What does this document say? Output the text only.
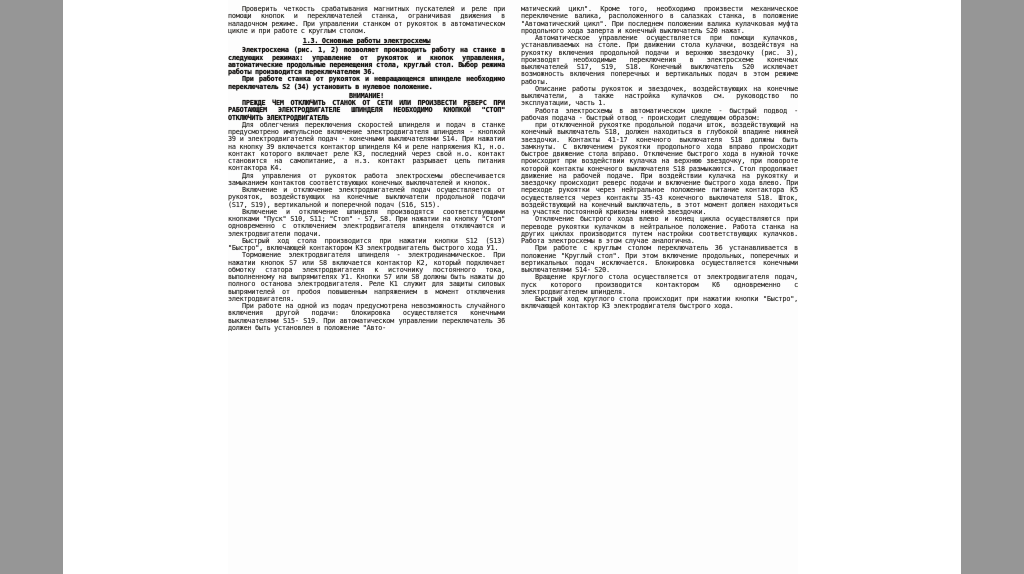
Проверить четкость срабатывания магнитных пускателей и реле при помощи кнопок и переключателей станка, ограничивая движения в наладочном режиме. При управлении станком от рукояток в автоматическом цикле и при работе с круглым столом.

1.3. Основные работы электросхемы

Электросхема (рис. 1, 2) позволяет производить работу на станке в следующих режимах: управление от рукояток и кнопок управления, автоматические продольные перемещения стола, круглый стол. Выбор режима работы производится переключателем 36.

При работе станка от рукояток и невращающемся шпинделе необходимо переключатель S2 (34) установить в нулевое положение.

ВНИМАНИЕ!

ПРЕЖДЕ ЧЕМ ОТКЛЮЧИТЬ СТАНОК ОТ СЕТИ ИЛИ ПРОИЗВЕСТИ РЕВЕРС ПРИ РАБОТАЮЩЕМ ЭЛЕКТРОДВИГАТЕЛЕ ШПИНДЕЛЯ НЕОБХОДИМО КНОПКОЙ "СТОП" ОТКЛЮЧИТЬ ЭЛЕКТРОДВИГАТЕЛЬ

Для облегчения переключения скоростей шпинделя и подач в станке предусмотрено импульсное включение электродвигателя шпинделя - кнопкой 39 и электродвигателей подач - конечными выключателями S14. При нажатии на кнопку 39 включается контактор шпинделя К4 и реле напряжения К1, н.о. контакт которого включает реле К3, последний через свой н.о. контакт становится на самопитание, а н.з. контакт разрывает цепь питания контактора К4.

Для управления от рукояток работа электросхемы обеспечивается замыканием контактов соответствующих конечных выключателей и кнопок.

Включение и отключение электродвигателей подач осуществляется от рукояток, воздействующих на конечные выключатели продольной подачи (S17, S19), вертикальной и поперечной подач (S16, S15).

Включение и отключение шпинделя производятся соответствующими кнопками "Пуск" S10, S11; "Стоп" - S7, S8. При нажатии на кнопку "Стоп" одновременно с отключением электродвигателя шпинделя отключаются и электродвигатели подачи.

Быстрый ход стола производится при нажатии кнопки S12 (S13) "Быстро", включающей контактором К3 электродвигатель быстрого хода У1.

Торможение электродвигателя шпинделя - электродинамическое. При нажатии кнопок S7 или S8 включается контактор К2, который подключает обмотку статора электродвигателя к источнику постоянного тока, выполненному на выпрямителях У1. Кнопки S7 или S8 должны быть нажаты до полного останова электродвигателя. Реле К1 служит для защиты силовых выпрямителей от пробоя повышенным напряжением в момент отключения электродвигателя.

При работе на одной из подач предусмотрена невозможность случайного включения другой подачи: блокировка осуществляется конечными выключателями S15- S19. При автоматическом управлении переключатель 36 должен быть установлен в положение "Авто-

матический цикл". Кроме того, необходимо произвести механическое переключение валика, расположенного в салазках станка, в положение "Автоматический цикл". При последнем положении валика кулачковая муфта продольного хода заперта и конечный выключатель S20 нажат.

Автоматическое управление осуществляется при помощи кулачков, устанавливаемых на столе. При движении стола кулачки, воздействуя на рукоятку включения продольной подачи и верхнюю звездочку (рис. 3), производят необходимые переключения в электросхеме конечных выключателей S17, S19, S18. Конечный выключатель S20 исключает возможность включения поперечных и вертикальных подач в этом режиме работы.

Описание работы рукояток и звездочек, воздействующих на конечные выключатели, а также настройка кулачков см. руководство по эксплуатации, часть 1.

Работа электросхемы в автоматическом цикле - быстрый подвод - рабочая подача - быстрый отвод - происходит следующим образом:

при отключенной рукоятке продольной подачи шток, воздействующий на конечный выключатель S18, должен находиться в глубокой впадине нижней звездочки. Контакты 41-17 конечного выключателя S18 должны быть замкнуты. С включением рукоятки продольного хода вправо происходит быстрое движение стола вправо. Отключение быстрого хода в нужной точке происходит при воздействии кулачка на верхнюю звездочку, при повороте которой контакты конечного выключателя S18 размыкаются. Стол продолжает движение на рабочей подаче. При воздействии кулачка на рукоятку и звездочку происходит реверс подачи и включение быстрого хода влево. При переходе рукоятки через нейтральное положение питание контактора К5 осуществляется через контакты 35-43 конечного выключателя S18. Шток, воздействующий на конечный выключатель, в этот момент должен находиться на участке постоянной кривизны нижней звездочки.

Отключение быстрого хода влево и конец цикла осуществляются при переводе рукоятки кулачком в нейтральное положение. Работа станка на других циклах производится путем настройки соответствующих кулачков. Работа электросхемы в этом случае аналогична.

При работе с круглым столом переключатель 36 устанавливается в положение "Круглый стол". При этом включение продольных, поперечных и вертикальных подач исключается. Блокировка осуществляется конечными выключателями S14- S20.

Вращение круглого стола осуществляется от электродвигателя подач, пуск которого производится контактором К6 одновременно с электродвигателем шпинделя.

Быстрый ход круглого стола происходит при нажатии кнопки "Быстро", включающей контактор К3 электродвигателя быстрого хода.
